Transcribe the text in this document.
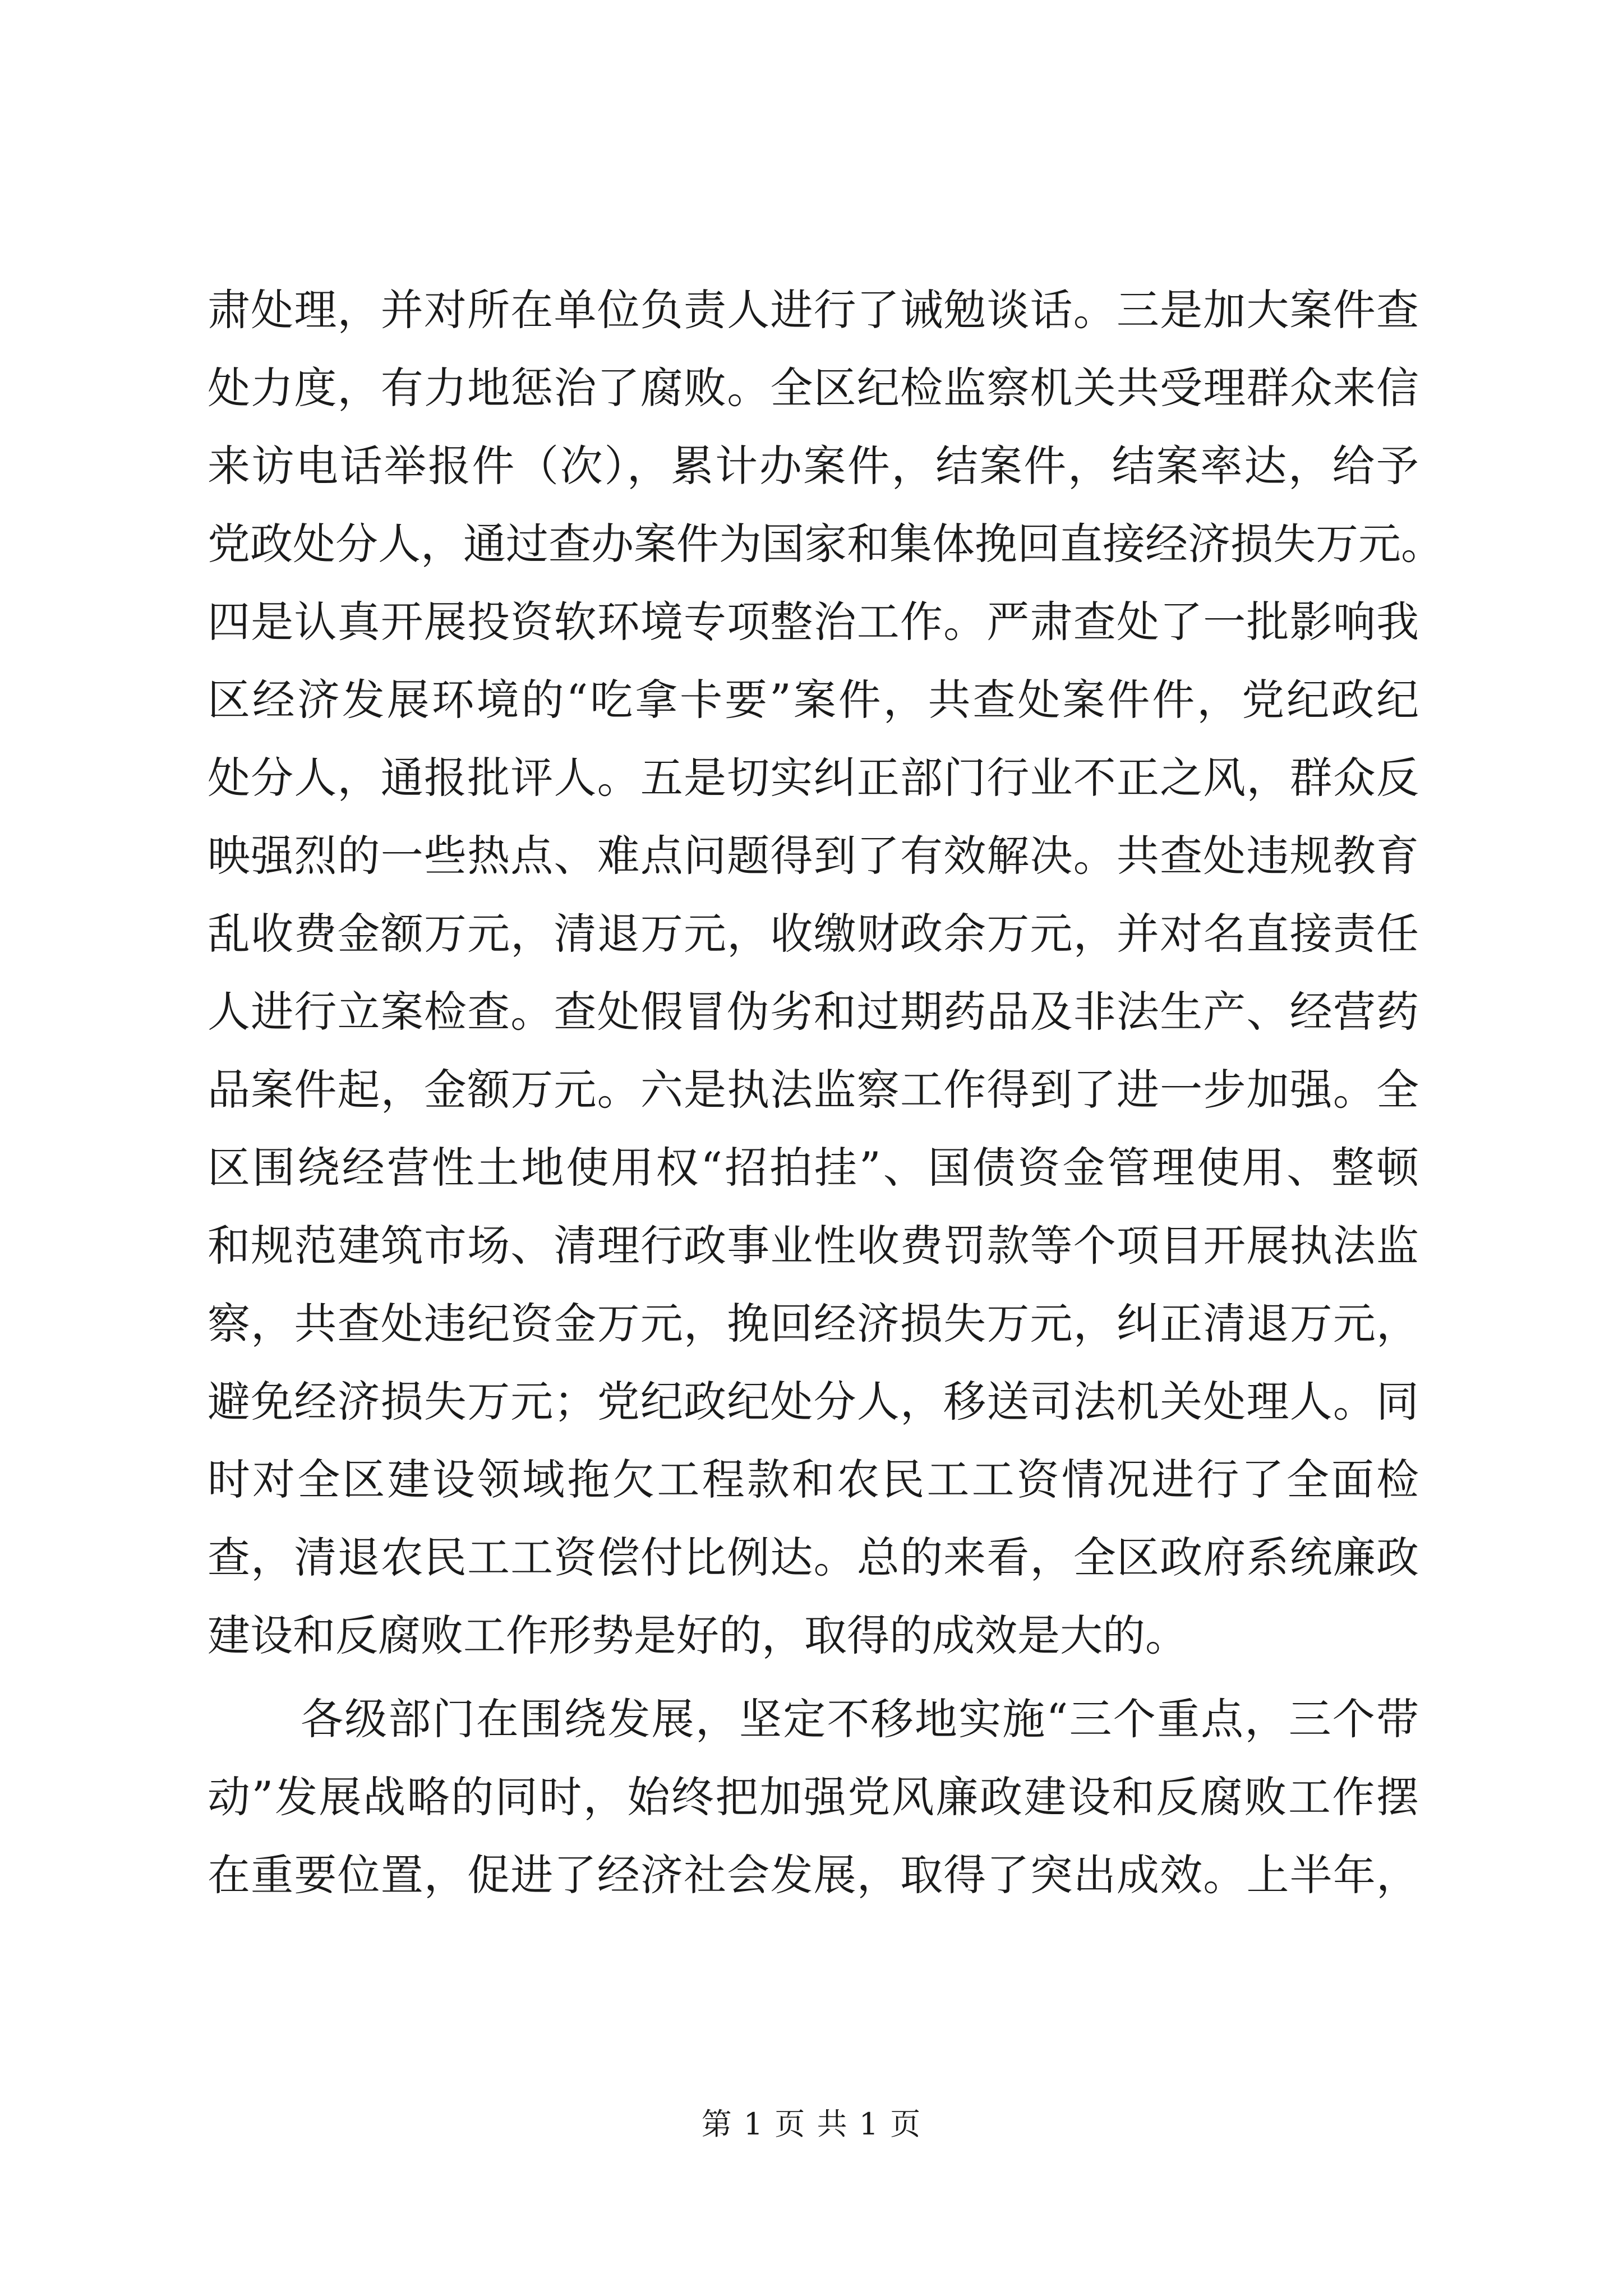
肃处理，并对所在单位负责人进行了诫勉谈话。三是加大案件查
处力度，有力地惩治了腐败。全区纪检监察机关共受理群众来信
来访电话举报件（次），累计办案件，结案件，结案率达，给予
党政处分人，通过查办案件为国家和集体挽回直接经济损失万元。
四是认真开展投资软环境专项整治工作。严肃查处了一批影响我
区经济发展环境的“吃拿卡要”案件，共查处案件件，党纪政纪
处分人，通报批评人。五是切实纠正部门行业不正之风，群众反
映强烈的一些热点、难点问题得到了有效解决。共查处违规教育
乱收费金额万元，清退万元，收缴财政余万元，并对名直接责任
人进行立案检查。查处假冒伪劣和过期药品及非法生产、经营药
品案件起，金额万元。六是执法监察工作得到了进一步加强。全
区围绕经营性土地使用权“招拍挂”、国债资金管理使用、整顿
和规范建筑市场、清理行政事业性收费罚款等个项目开展执法监
察，共查处违纪资金万元，挽回经济损失万元，纠正清退万元，
避免经济损失万元；党纪政纪处分人，移送司法机关处理人。同
时对全区建设领域拖欠工程款和农民工工资情况进行了全面检
查，清退农民工工资偿付比例达。总的来看，全区政府系统廉政
建设和反腐败工作形势是好的，取得的成效是大的。
各级部门在围绕发展，坚定不移地实施“三个重点，三个带
动”发展战略的同时，始终把加强党风廉政建设和反腐败工作摆
在重要位置，促进了经济社会发展，取得了突出成效。上半年，
第 1 页 共 1 页
